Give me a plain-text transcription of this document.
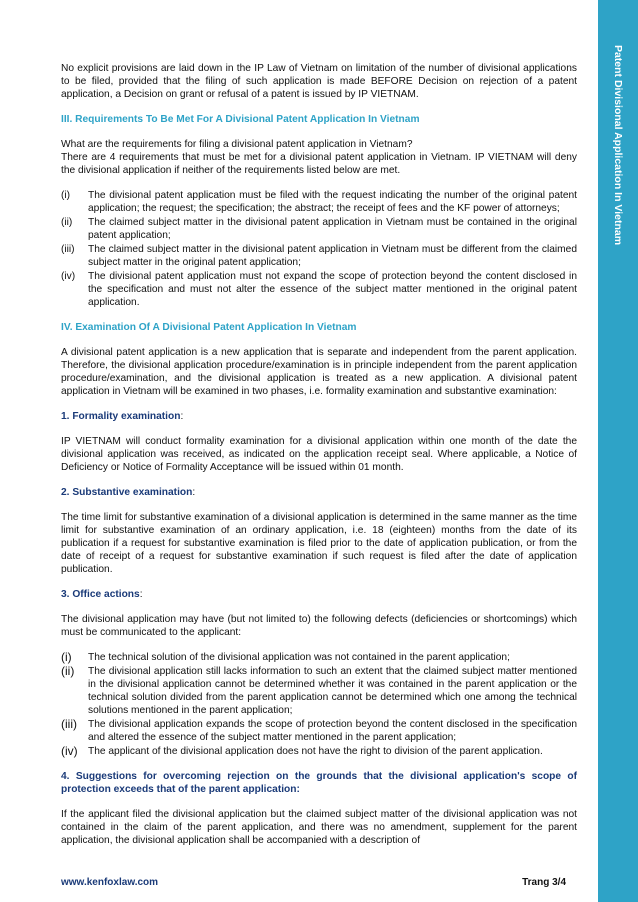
Patent Divisional Application In Vietnam

No explicit provisions are laid down in the IP Law of Vietnam on limitation of the number of divisional applications to be filed, provided that the filing of such application is made BEFORE Decision on rejection of a patent application, a Decision on grant or refusal of a patent is issued by IP VIETNAM.

III. Requirements To Be Met For A Divisional Patent Application In Vietnam
What are the requirements for filing a divisional patent application in Vietnam?
There are 4 requirements that must be met for a divisional patent application in Vietnam. IP VIETNAM will deny the divisional application if neither of the requirements listed below are met.
(i)	The divisional patent application must be filed with the request indicating the number of the original patent application; the request; the specification; the abstract; the receipt of fees and the KF power of attorneys;
(ii)	The claimed subject matter in the divisional patent application in Vietnam must be contained in the original patent application;
(iii)	The claimed subject matter in the divisional patent application in Vietnam must be different from the claimed subject matter in the original patent application;
(iv)	The divisional patent application must not expand the scope of protection beyond the content disclosed in the specification and must not alter the essence of the subject matter mentioned in the original patent application.
IV. Examination Of A Divisional Patent Application In Vietnam

A divisional patent application is a new application that is separate and independent from the parent application. Therefore, the divisional application procedure/examination is in principle independent from the parent application procedure/examination, and the divisional application is treated as a new application. A divisional patent application in Vietnam will be examined in two phases, i.e. formality examination and substantive examination:

1. Formality examination:

IP VIETNAM will conduct formality examination for a divisional application within one month of the date the divisional application was received, as indicated on the application receipt seal. Where applicable, a Notice of Deficiency or Notice of Formality Acceptance will be issued within 01 month.

2. Substantive examination:

The time limit for substantive examination of a divisional application is determined in the same manner as the time limit for substantive examination of an ordinary application, i.e. 18 (eighteen) months from the date of its publication if a request for substantive examination is filed prior to the date of application publication, or from the date of receipt of a request for substantive examination if such request is filed after the date of application publication.

3. Office actions:

The divisional application may have (but not limited to) the following defects (deficiencies or shortcomings) which must be communicated to the applicant:

(i)	The technical solution of the divisional application was not contained in the parent application;
(ii)	The divisional application still lacks information to such an extent that the claimed subject matter mentioned in the divisional application cannot be determined whether it was contained in the parent application or the technical solution divided from the parent application cannot be determined which one among the technical solutions mentioned in the parent application;
(iii)	The divisional application expands the scope of protection beyond the content disclosed in the specification and altered the essence of the subject matter mentioned in the parent application;
(iv)	The applicant of the divisional application does not have the right to division of the parent application.
4. Suggestions for overcoming rejection on the grounds that the divisional application's scope of protection exceeds that of the parent application:

If the applicant filed the divisional application but the claimed subject matter of the divisional application was not contained in the claim of the parent application, and there was no amendment, supplement for the parent application, the divisional application shall be accompanied with a description of

www.kenfoxlaw.com	Trang 3/4
